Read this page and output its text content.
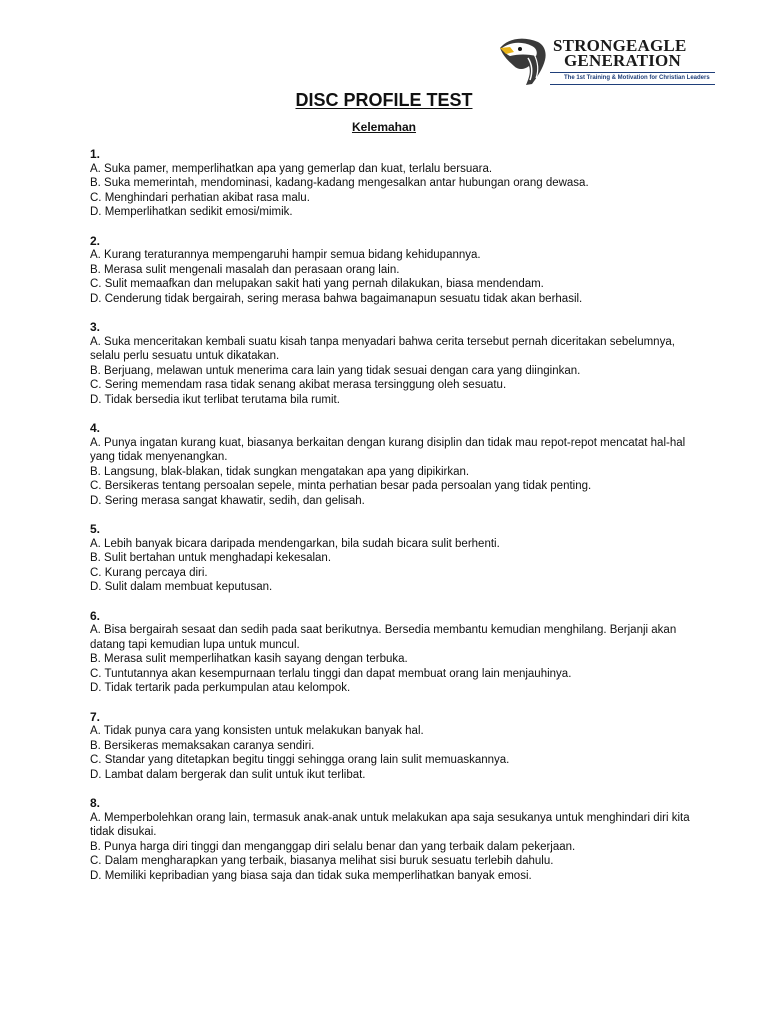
STRONGEAGLE
GENERATION
The 1st Training & Motivation for Christian Leaders
DISC PROFILE TEST
Kelemahan
1.
A. Suka pamer, memperlihatkan apa yang gemerlap dan kuat, terlalu bersuara.
B. Suka memerintah, mendominasi, kadang-kadang mengesalkan antar hubungan orang dewasa.
C. Menghindari perhatian akibat rasa malu.
D. Memperlihatkan sedikit emosi/mimik.
2.
A. Kurang teraturannya mempengaruhi hampir semua bidang kehidupannya.
B. Merasa sulit mengenali masalah dan perasaan orang lain.
C. Sulit memaafkan dan melupakan sakit hati yang pernah dilakukan, biasa mendendam.
D. Cenderung tidak bergairah, sering merasa bahwa bagaimanapun sesuatu tidak akan berhasil.
3.
A. Suka menceritakan kembali suatu kisah tanpa menyadari bahwa cerita tersebut pernah diceritakan sebelumnya, selalu perlu sesuatu untuk dikatakan.
B. Berjuang, melawan untuk menerima cara lain yang tidak sesuai dengan cara yang diinginkan.
C. Sering memendam rasa tidak senang akibat merasa tersinggung oleh sesuatu.
D. Tidak bersedia ikut terlibat terutama bila rumit.
4.
A. Punya ingatan kurang kuat, biasanya berkaitan dengan kurang disiplin dan tidak mau repot-repot mencatat hal-hal yang tidak menyenangkan.
B. Langsung, blak-blakan, tidak sungkan mengatakan apa yang dipikirkan.
C. Bersikeras tentang persoalan sepele, minta perhatian besar pada persoalan yang tidak penting.
D. Sering merasa sangat khawatir, sedih, dan gelisah.
5.
A. Lebih banyak bicara daripada mendengarkan, bila sudah bicara sulit berhenti.
B. Sulit bertahan untuk menghadapi kekesalan.
C. Kurang percaya diri.
D. Sulit dalam membuat keputusan.
6.
A. Bisa bergairah sesaat dan sedih pada saat berikutnya. Bersedia membantu kemudian menghilang. Berjanji akan datang tapi kemudian lupa untuk muncul.
B. Merasa sulit memperlihatkan kasih sayang dengan terbuka.
C. Tuntutannya akan kesempurnaan terlalu tinggi dan dapat membuat orang lain menjauhinya.
D. Tidak tertarik pada perkumpulan atau kelompok.
7.
A. Tidak punya cara yang konsisten untuk melakukan banyak hal.
B. Bersikeras memaksakan caranya sendiri.
C. Standar yang ditetapkan begitu tinggi sehingga orang lain sulit memuaskannya.
D. Lambat dalam bergerak dan sulit untuk ikut terlibat.
8.
A. Memperbolehkan orang lain, termasuk anak-anak untuk melakukan apa saja sesukanya untuk menghindari diri kita tidak disukai.
B. Punya harga diri tinggi dan menganggap diri selalu benar dan yang terbaik dalam pekerjaan.
C. Dalam mengharapkan yang terbaik, biasanya melihat sisi buruk sesuatu terlebih dahulu.
D. Memiliki kepribadian yang biasa saja dan tidak suka memperlihatkan banyak emosi.
